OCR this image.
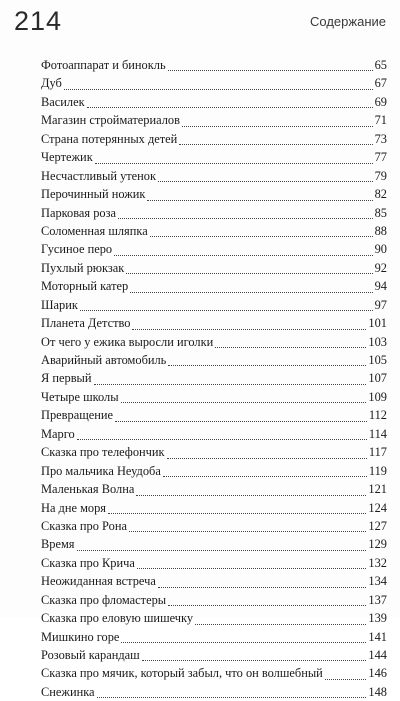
214	Содержание
Фотоаппарат и бинокль	65
Дуб	67
Василек	69
Магазин стройматериалов	71
Страна потерянных детей	73
Чертежик	77
Несчастливый утенок	79
Перочинный ножик	82
Парковая роза	85
Соломенная шляпка	88
Гусиное перо	90
Пухлый рюкзак	92
Моторный катер	94
Шарик	97
Планета Детство	101
От чего у ежика выросли иголки	103
Аварийный автомобиль	105
Я первый	107
Четыре школы	109
Превращение	112
Марго	114
Сказка про телефончик	117
Про мальчика Неудоба	119
Маленькая Волна	121
На дне моря	124
Сказка про Рона	127
Время	129
Сказка про Крича	132
Неожиданная встреча	134
Сказка про фломастеры	137
Сказка про еловую шишечку	139
Мишкино горе	141
Розовый карандаш	144
Сказка про мячик, который забыл, что он волшебный	146
Снежинка	148
